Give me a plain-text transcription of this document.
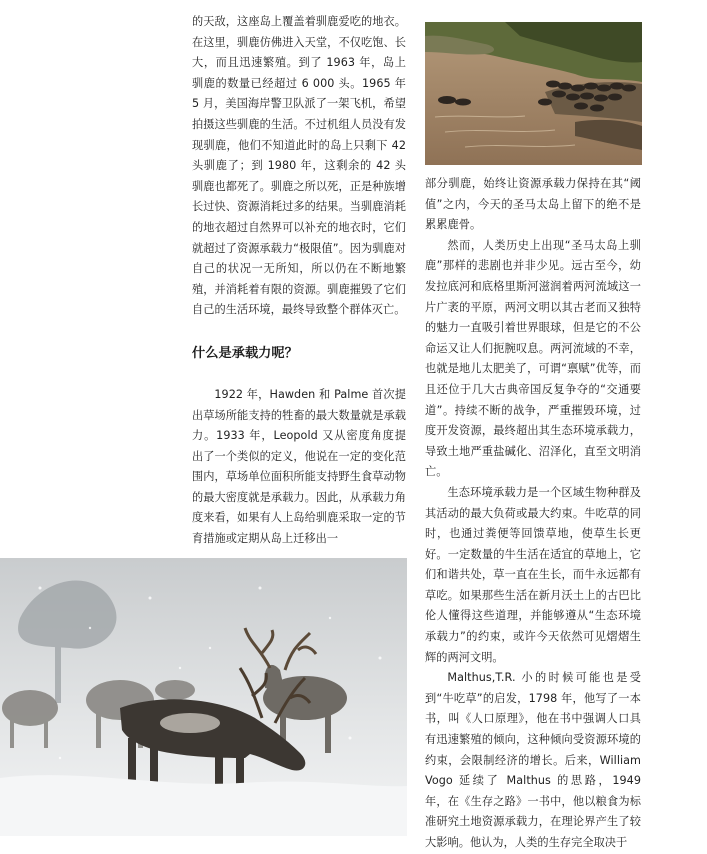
的天敌，这座岛上覆盖着驯鹿爱吃的地衣。在这里，驯鹿仿佛进入天堂，不仅吃饱、长大，而且迅速繁殖。到了 1963 年，岛上驯鹿的数量已经超过 6 000 头。1965 年 5 月，美国海岸警卫队派了一架飞机，希望拍摄这些驯鹿的生活。不过机组人员没有发现驯鹿，他们不知道此时的岛上只剩下 42 头驯鹿了；到 1980 年，这剩余的 42 头驯鹿也都死了。驯鹿之所以死，正是种族增长过快、资源消耗过多的结果。当驯鹿消耗的地衣超过自然界可以补充的地衣时，它们就超过了资源承载力“极限值”。因为驯鹿对自己的状况一无所知，所以仍在不断地繁殖，并消耗着有限的资源。驯鹿摧毁了它们自己的生活环境，最终导致整个群体灭亡。

什么是承载力呢？

1922 年，Hawden 和 Palme 首次提出草场所能支持的牲畜的最大数量就是承载力。1933 年，Leopold 又从密度角度提出了一个类似的定义，他说在一定的变化范围内，草场单位面积所能支持野生食草动物的最大密度就是承载力。因此，从承载力角度来看，如果有人上岛给驯鹿采取一定的节育措施或定期从岛上迁移出一

部分驯鹿，始终让资源承载力保持在其“阈值”之内，今天的圣马太岛上留下的绝不是累累鹿骨。

然而，人类历史上出现“圣马太岛上驯鹿”那样的悲剧也并非少见。远古至今，幼发拉底河和底格里斯河滋润着两河流域这一片广袤的平原，两河文明以其古老而又独特的魅力一直吸引着世界眼球，但是它的不公命运又让人们扼腕叹息。两河流域的不幸，也就是地儿太肥美了，可谓“禀赋”优等，而且还位于几大古典帝国反复争夺的“交通要道”。持续不断的战争，严重摧毁环境，过度开发资源，最终超出其生态环境承载力，导致土地严重盐碱化、沼泽化，直至文明消亡。

生态环境承载力是一个区域生物种群及其活动的最大负荷或最大约束。牛吃草的同时，也通过粪便等回馈草地，使草生长更好。一定数量的牛生活在适宜的草地上，它们和谐共处，草一直在生长，而牛永远都有草吃。如果那些生活在新月沃土上的古巴比伦人懂得这些道理，并能够遵从“生态环境承载力”的约束，或许今天依然可见熠熠生辉的两河文明。

Malthus,T.R. 小的时候可能也是受到“牛吃草”的启发，1798 年，他写了一本书，叫《人口原理》，他在书中强调人口具有迅速繁殖的倾向，这种倾向受资源环境的约束，会限制经济的增长。后来，William Vogo 延续了 Malthus 的思路，1949 年，在《生存之路》一书中，他以粮食为标准研究土地资源承载力，在理论界产生了较大影响。他认为，人类的生存完全取决于
